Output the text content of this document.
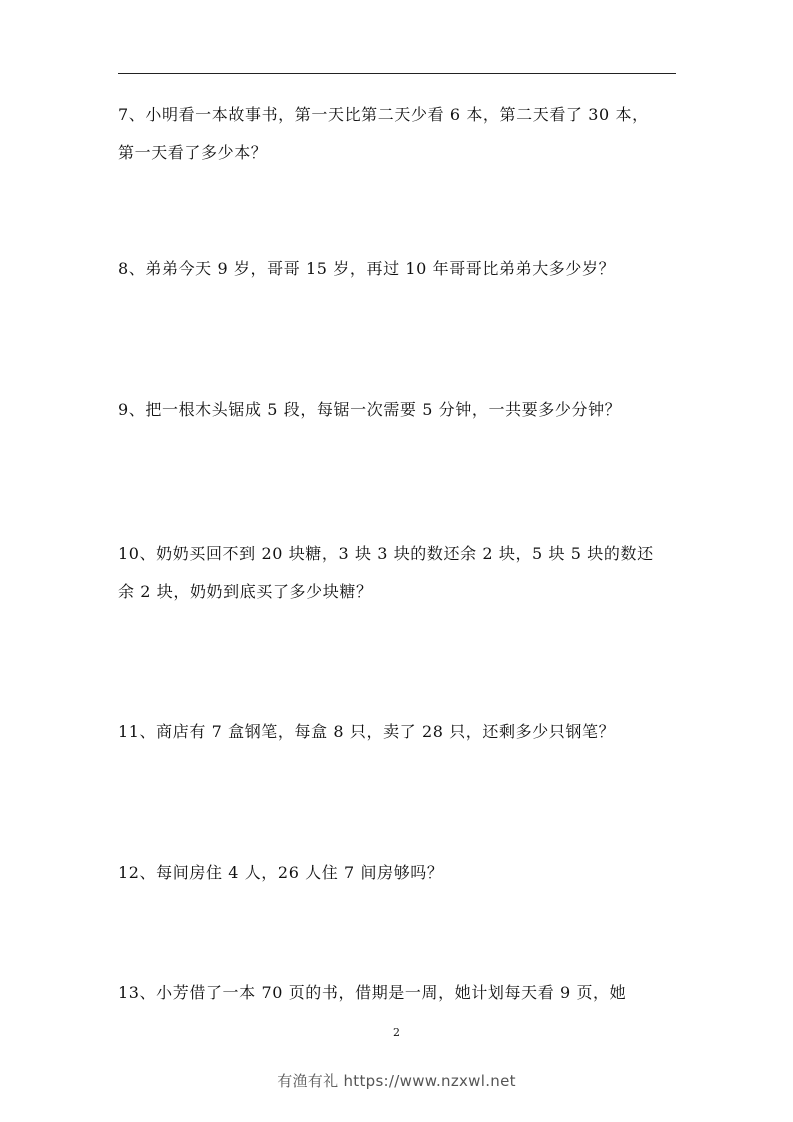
7、小明看一本故事书，第一天比第二天少看 6 本，第二天看了 30 本，
第一天看了多少本？
8、弟弟今天 9 岁，哥哥 15 岁，再过 10 年哥哥比弟弟大多少岁？
9、把一根木头锯成 5 段，每锯一次需要 5 分钟，一共要多少分钟？
10、奶奶买回不到 20 块糖，3 块 3 块的数还余 2 块，5 块 5 块的数还
余 2 块，奶奶到底买了多少块糖？
11、商店有 7 盒钢笔，每盒 8 只，卖了 28 只，还剩多少只钢笔？
12、每间房住 4 人，26 人住 7 间房够吗？
13、小芳借了一本 70 页的书，借期是一周，她计划每天看 9 页，她
2
有渔有礼 https://www.nzxwl.net
